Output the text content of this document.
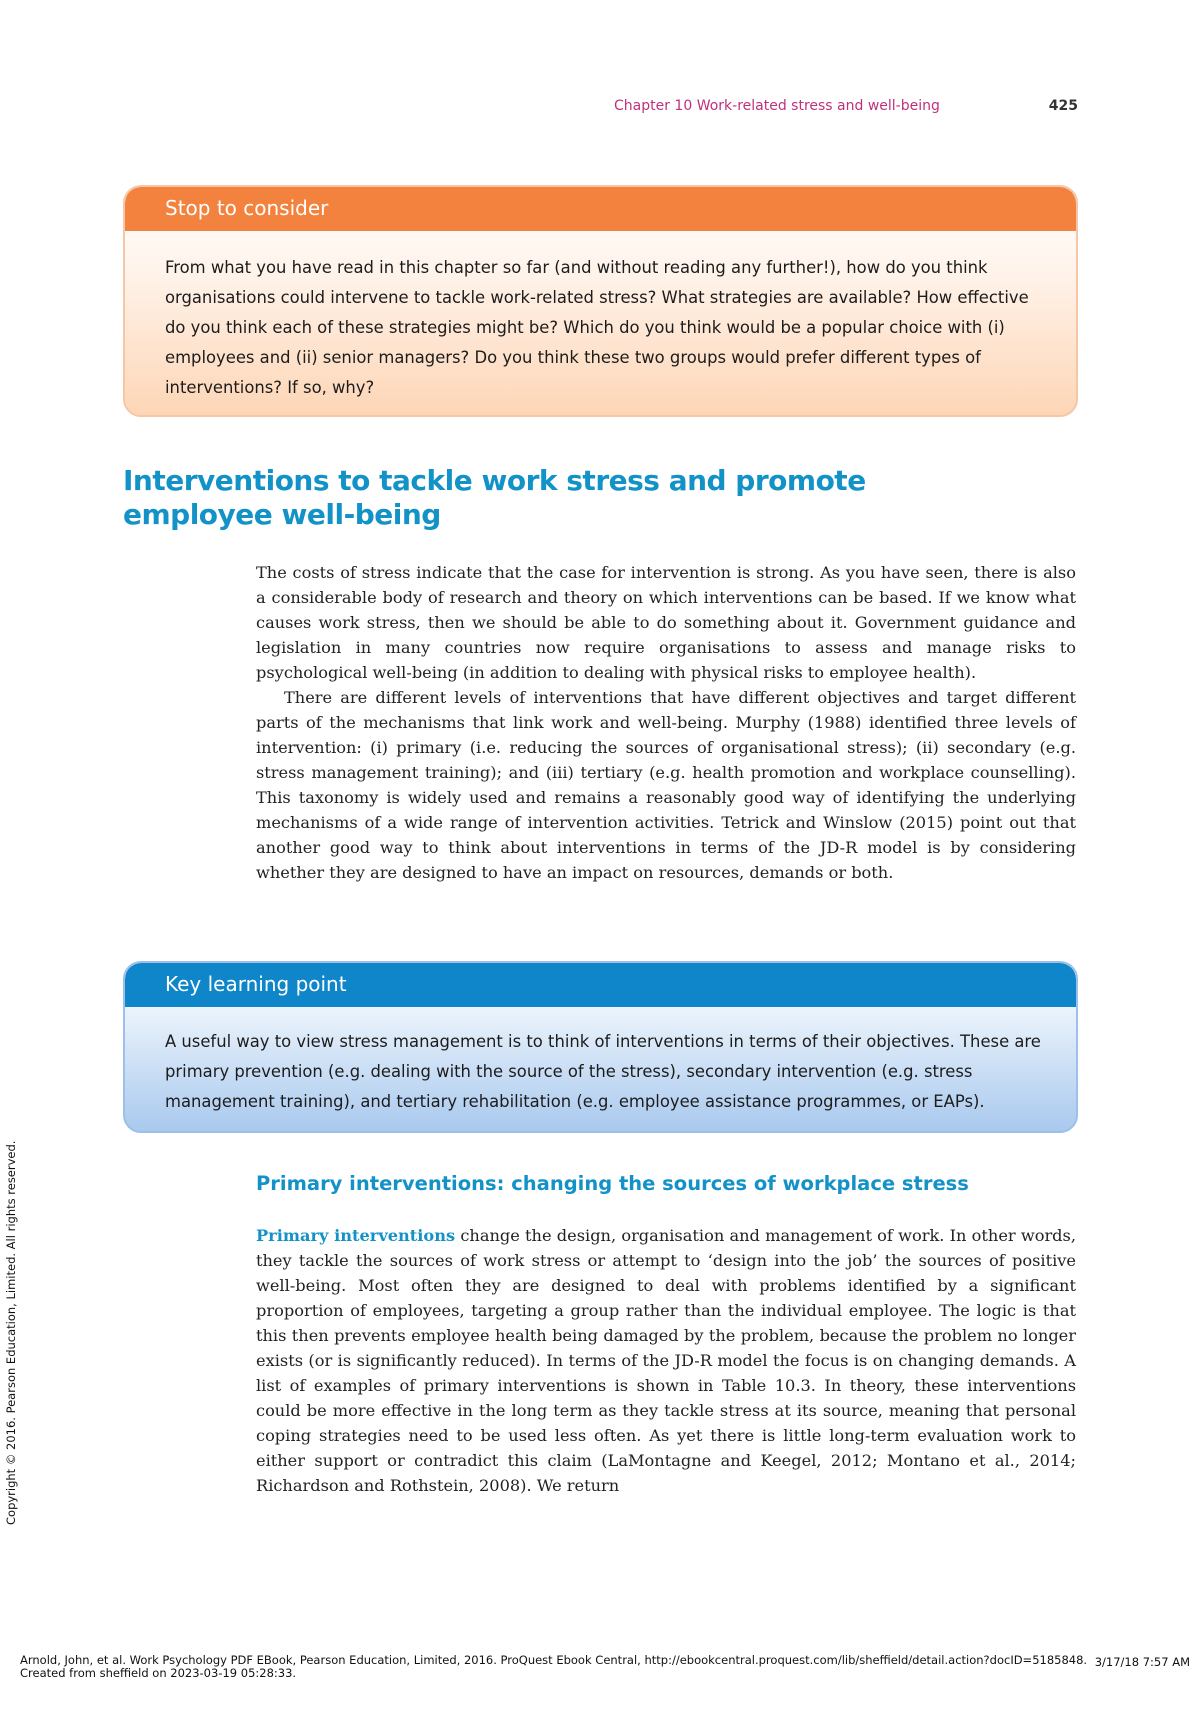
Chapter 10 Work-related stress and well-being	425
Stop to consider
From what you have read in this chapter so far (and without reading any further!), how do you think organisations could intervene to tackle work-related stress? What strategies are available? How effective do you think each of these strategies might be? Which do you think would be a popular choice with (i) employees and (ii) senior managers? Do you think these two groups would prefer different types of interventions? If so, why?
Interventions to tackle work stress and promote employee well-being

The costs of stress indicate that the case for intervention is strong. As you have seen, there is also a considerable body of research and theory on which interventions can be based. If we know what causes work stress, then we should be able to do something about it. Government guidance and legislation in many countries now require organisations to assess and manage risks to psychological well-being (in addition to dealing with physical risks to employee health).

There are different levels of interventions that have different objectives and target different parts of the mechanisms that link work and well-being. Murphy (1988) identified three levels of intervention: (i) primary (i.e. reducing the sources of organisational stress); (ii) secondary (e.g. stress management training); and (iii) tertiary (e.g. health promotion and workplace counselling). This taxonomy is widely used and remains a reasonably good way of identifying the underlying mechanisms of a wide range of intervention activities. Tetrick and Winslow (2015) point out that another good way to think about interventions in terms of the JD-R model is by considering whether they are designed to have an impact on resources, demands or both.

Key learning point
A useful way to view stress management is to think of interventions in terms of their objectives. These are primary prevention (e.g. dealing with the source of the stress), secondary intervention (e.g. stress management training), and tertiary rehabilitation (e.g. employee assistance programmes, or EAPs).
Primary interventions: changing the sources of workplace stress

Primary interventions change the design, organisation and management of work. In other words, they tackle the sources of work stress or attempt to ‘design into the job’ the sources of positive well-being. Most often they are designed to deal with problems identified by a significant proportion of employees, targeting a group rather than the individual employee. The logic is that this then prevents employee health being damaged by the problem, because the problem no longer exists (or is significantly reduced). In terms of the JD-R model the focus is on changing demands. A list of examples of primary interventions is shown in Table 10.3. In theory, these interventions could be more effective in the long term as they tackle stress at its source, meaning that personal coping strategies need to be used less often. As yet there is little long-term evaluation work to either support or contradict this claim (LaMontagne and Keegel, 2012; Montano et al., 2014; Richardson and Rothstein, 2008). We return

Copyright © 2016. Pearson Education, Limited. All rights reserved.
Arnold, John, et al. Work Psychology PDF EBook, Pearson Education, Limited, 2016. ProQuest Ebook Central, http://ebookcentral.proquest.com/lib/sheffield/detail.action?docID=5185848.
Created from sheffield on 2023-03-19 05:28:33.
3/17/18 7:57 AM
